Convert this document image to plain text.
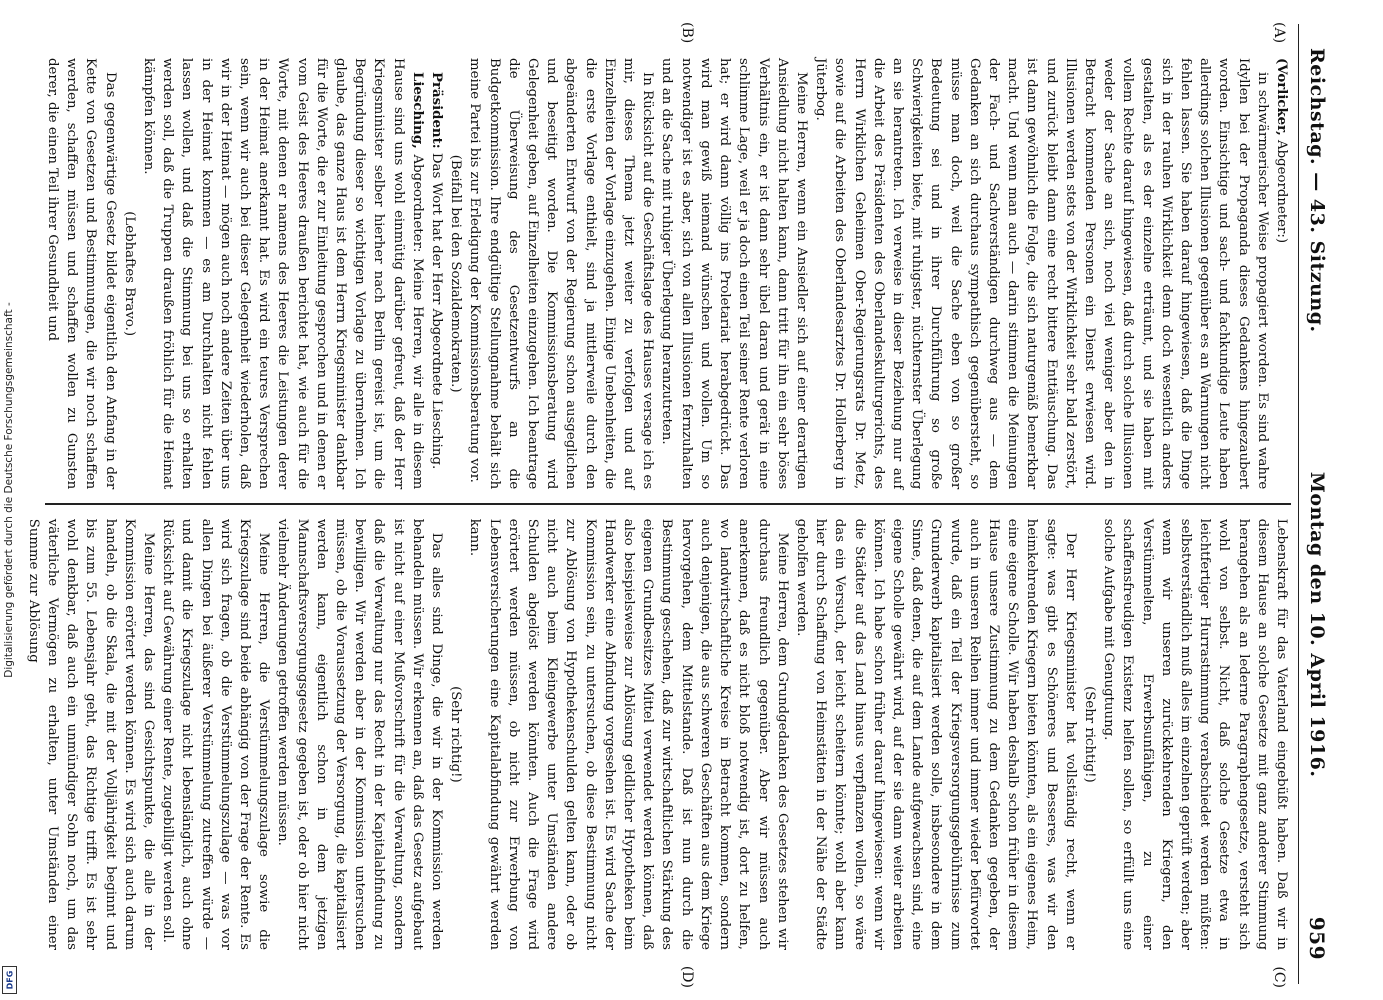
Digitalisierung gefördert durch die Deutsche Forschungsgemeinschaft -
DFG
Reichstag. — 43. Sitzung.
Montag den 10. April 1916.
959
(A)
(B)
(C)
(D)

(Vorlicker, Abgeordneter:)

in schwärmerischer Weise propagiert worden. Es sind wahre Idyllen bei der Propaganda dieses Gedankens hingezaubert worden. Einsichtige und sach- und fachkundige Leute haben allerdings solchen Illusionen gegenüber es an Warnungen nicht fehlen lassen. Sie haben darauf hingewiesen, daß die Dinge sich in der rauhen Wirklichkeit denn doch wesentlich anders gestalten, als es der einzelne erträumt, und sie haben mit vollem Rechte darauf hingewiesen, daß durch solche Illusionen weder der Sache an sich, noch viel weniger aber den in Betracht kommenden Personen ein Dienst erwiesen wird. Illusionen werden stets von der Wirklichkeit sehr bald zerstört, und zurück bleibt dann eine recht bittere Enttäuschung. Das ist dann gewöhnlich die Folge, die sich naturgemäß bemerkbar macht. Und wenn man auch — darin stimmen die Meinungen der Fach- und Sachverständigen durchweg aus — dem Gedanken an sich durchaus sympathisch gegenübersteht, so müsse man doch, weil die Sache eben von so großer Bedeutung sei und in ihrer Durchführung so große Schwierigkeiten biete, mit ruhigster, nüchternster Überlegung an sie herantreten. Ich verweise in dieser Beziehung nur auf die Arbeit des Präsidenten des Oberlandeskulturgerichts, des Herrn Wirklichen Geheimen Ober-Regierungsrats Dr. Metz, sowie auf die Arbeiten des Oberlandesarztes Dr. Hollerberg in Jüterbog.

Meine Herren, wenn ein Ansiedler sich auf einer derartigen Ansiedlung nicht halten kann, dann tritt für ihn ein sehr böses Verhältnis ein, er ist dann sehr übel daran und gerät in eine schlimme Lage, weil er ja doch einen Teil seiner Rente verloren hat; er wird dann völlig ins Proletariat herabgedrückt. Das wird man gewiß niemand wünschen und wollen. Um so notwendiger ist es aber, sich von allen Illusionen fernzuhalten und an die Sache mit ruhiger Überlegung heranzutreten.

In Rücksicht auf die Geschäftslage des Hauses versage ich es mir, dieses Thema jetzt weiter zu verfolgen und auf Einzelheiten der Vorlage einzugehen. Einige Unebenheiten, die die erste Vorlage enthielt, sind ja mittlerweile durch den abgeänderten Entwurf von der Regierung schon ausgeglichen und beseitigt worden. Die Kommissionsberatung wird Gelegenheit geben, auf Einzelheiten einzugehen. Ich beantrage die Überweisung des Gesetzentwurfs an die Budgetkommission. Ihre endgültige Stellungnahme behält sich meine Partei bis zur Erledigung der Kommissionsberatung vor.

(Beifall bei den Sozialdemokraten.)

Präsident: Das Wort hat der Herr Abgeordnete Liesching.

Liesching, Abgeordneter: Meine Herren, wir alle in diesem Hause sind uns wohl einmütig darüber gefreut, daß der Herr Kriegsminister selber hierher nach Berlin gereist ist, um die Begründung dieser so wichtigen Vorlage zu übernehmen. Ich glaube, das ganze Haus ist dem Herrn Kriegsminister dankbar für die Worte, die er zur Einleitung gesprochen und in denen er vom Geist des Heeres draußen berichtet hat, wie auch für die Worte, mit denen er namens des Heeres die Leistungen derer in der Heimat anerkannt hat. Es wird ein teures Versprechen sein, wenn wir auch bei dieser Gelegenheit wiederholen, daß wir in der Heimat — mögen auch noch andere Zeiten über uns in der Heimat kommen — es am Durchhalten nicht fehlen lassen wollen, und daß die Stimmung bei uns so erhalten werden soll, daß die Truppen draußen fröhlich für die Heimat kämpfen können.

(Lebhaftes Bravo.)

Das gegenwärtige Gesetz bildet eigentlich den Anfang in der Kette von Gesetzen und Bestimmungen, die wir noch schaffen werden, schaffen müssen und schaffen wollen zu Gunsten derer, die einen Teil ihrer Gesundheit und

Lebenskraft für das Vaterland eingebüßt haben. Daß wir in diesem Hause an solche Gesetze mit ganz anderer Stimmung herangehen als an lederne Paragraphengesetze, versteht sich wohl von selbst. Nicht, daß solche Gesetze etwa in leichtfertiger Hurrastimmung verabschiedet werden müßten: selbstverständlich muß alles im einzelnen geprüft werden; aber wenn wir unseren zurückkehrenden Kriegern, den Verstümmelten, Erwerbsunfähigen, zu einer schaffensfreudigen Existenz helfen sollen, so erfüllt uns eine solche Aufgabe mit Genugtuung.

(Sehr richtig!)

Der Herr Kriegsminister hat vollständig recht, wenn er sagte: was gibt es Schöneres und Besseres, was wir den heimkehrenden Kriegern bieten könnten, als ein eigenes Heim, eine eigene Scholle. Wir haben deshalb schon früher in diesem Hause unsere Zustimmung zu dem Gedanken gegeben, der auch in unseren Reihen immer und immer wieder befürwortet wurde, daß ein Teil der Kriegsversorgungsgebührnisse zum Grunderwerb kapitalisiert werden solle, insbesondere in dem Sinne, daß denen, die auf dem Lande aufgewachsen sind, eine eigene Scholle gewährt wird, auf der sie dann weiter arbeiten können. Ich habe schon früher darauf hingewiesen: wenn wir die Städter auf das Land hinaus verpflanzen wollen, so wäre das ein Versuch, der leicht scheitern könnte; wohl aber kann hier durch Schaffung von Heimstätten in der Nähe der Städte geholfen werden.

Meine Herren, dem Grundgedanken des Gesetzes stehen wir durchaus freundlich gegenüber. Aber wir müssen auch anerkennen, daß es nicht bloß notwendig ist, dort zu helfen, wo landwirtschaftliche Kreise in Betracht kommen, sondern auch denjenigen, die aus schweren Geschäften aus dem Kriege hervorgehen, dem Mittelstande. Daß ist nun durch die Bestimmung geschehen, daß zur wirtschaftlichen Stärkung des eigenen Grundbesitzes Mittel verwendet werden können, daß also beispielsweise zur Ablösung geldlicher Hypotheken beim Handwerker eine Abfindung vorgesehen ist. Es wird Sache der Kommission sein, zu untersuchen, ob diese Bestimmung nicht zur Ablösung von Hypothekenschulden gelten kann, oder ob nicht auch beim Kleingewerbe unter Umständen andere Schulden abgelöst werden könnten. Auch die Frage wird erörtert werden müssen, ob nicht zur Erwerbung von Lebensversicherungen eine Kapitalabfindung gewährt werden kann.

(Sehr richtig!)

Das alles sind Dinge, die wir in der Kommission werden behandeln müssen. Wir erkennen an, daß das Gesetz aufgebaut ist nicht auf einer Mußvorschrift für die Verwaltung, sondern daß die Verwaltung nur das Recht in der Kapitalabfindung zu bewilligen. Wir werden aber in der Kommission untersuchen müssen, ob die Voraussetzung der Versorgung, die kapitalisiert werden kann, eigentlich schon in dem jetzigen Mannschaftsversorgungsgesetz gegeben ist, oder ob hier nicht vielmehr Änderungen getroffen werden müssen.

Meine Herren, die Verstümmelungszulage sowie die Kriegszulage sind beide abhängig von der Frage der Rente. Es wird sich fragen, ob die Verstümmelungszulage — was vor allen Dingen bei äußerer Verstümmelung zutreffen würde — und damit die Kriegszulage nicht lebenslänglich, auch ohne Rücksicht auf Gewährung einer Rente, zugebilligt werden soll.

Meine Herren, das sind Gesichtspunkte, die alle in der Kommission erörtert werden können. Es wird sich auch darum handeln, ob die Skala, die mit der Volljährigkeit beginnt und bis zum 55. Lebensjahr geht, das Richtige trifft. Es ist sehr wohl denkbar, daß auch ein unmündiger Sohn noch, um das väterliche Vermögen zu erhalten, unter Umständen einer Summe zur Ablösung
